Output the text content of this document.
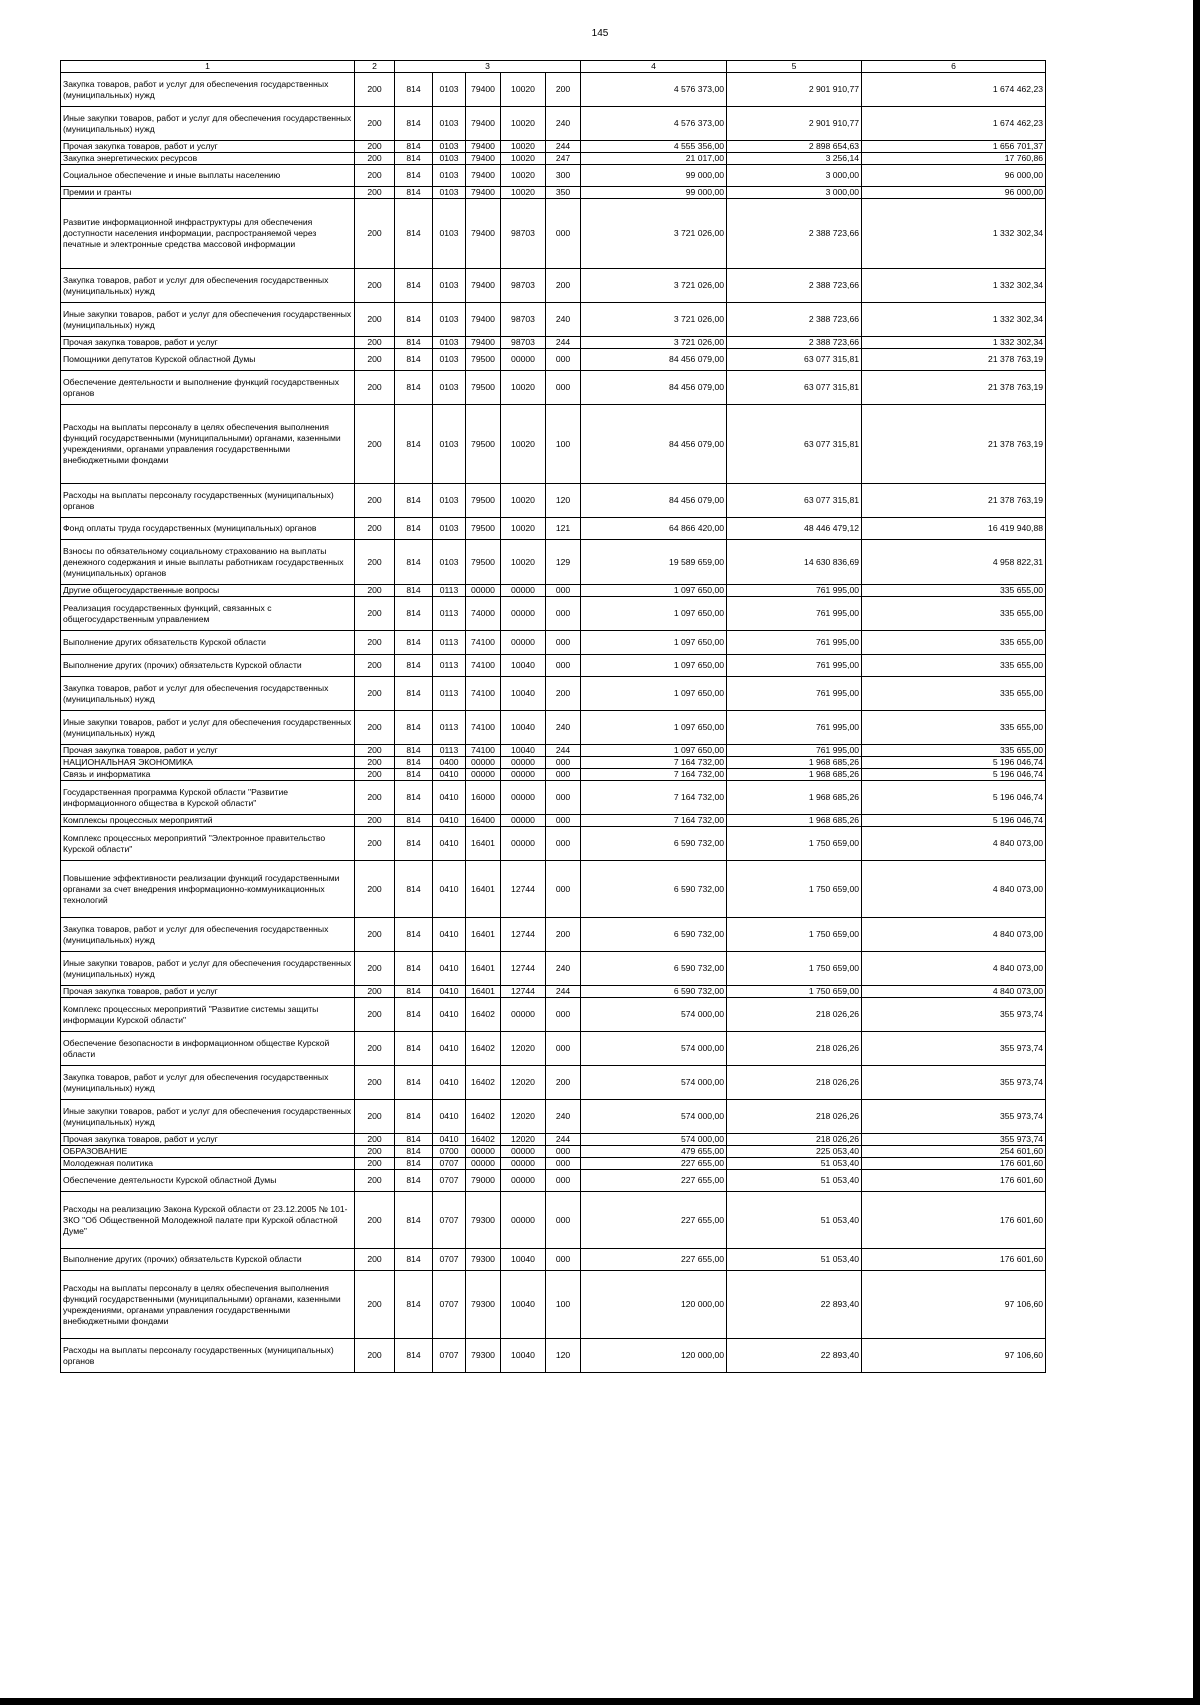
145
1	2	3					4	5	6
Закупка товаров, работ и услуг для обеспечения государственных (муниципальных) нужд	200	814	0103	79400	10020	200	4 576 373,00	2 901 910,77	1 674 462,23
Иные закупки товаров, работ и услуг для обеспечения государственных (муниципальных) нужд	200	814	0103	79400	10020	240	4 576 373,00	2 901 910,77	1 674 462,23
Прочая закупка товаров, работ и услуг	200	814	0103	79400	10020	244	4 555 356,00	2 898 654,63	1 656 701,37
Закупка энергетических ресурсов	200	814	0103	79400	10020	247	21 017,00	3 256,14	17 760,86
Социальное обеспечение и иные выплаты населению	200	814	0103	79400	10020	300	99 000,00	3 000,00	96 000,00
Премии и гранты	200	814	0103	79400	10020	350	99 000,00	3 000,00	96 000,00
Развитие информационной инфраструктуры для обеспечения доступности населения информации, распространяемой через печатные и электронные средства массовой информации	200	814	0103	79400	98703	000	3 721 026,00	2 388 723,66	1 332 302,34
Закупка товаров, работ и услуг для обеспечения государственных (муниципальных) нужд	200	814	0103	79400	98703	200	3 721 026,00	2 388 723,66	1 332 302,34
Иные закупки товаров, работ и услуг для обеспечения государственных (муниципальных) нужд	200	814	0103	79400	98703	240	3 721 026,00	2 388 723,66	1 332 302,34
Прочая закупка товаров, работ и услуг	200	814	0103	79400	98703	244	3 721 026,00	2 388 723,66	1 332 302,34
Помощники депутатов Курской областной Думы	200	814	0103	79500	00000	000	84 456 079,00	63 077 315,81	21 378 763,19
Обеспечение деятельности и выполнение функций государственных органов	200	814	0103	79500	10020	000	84 456 079,00	63 077 315,81	21 378 763,19
Расходы на выплаты персоналу в целях обеспечения выполнения функций государственными (муниципальными) органами, казенными учреждениями, органами управления государственными внебюджетными фондами	200	814	0103	79500	10020	100	84 456 079,00	63 077 315,81	21 378 763,19
Расходы на выплаты персоналу государственных (муниципальных) органов	200	814	0103	79500	10020	120	84 456 079,00	63 077 315,81	21 378 763,19
Фонд оплаты труда государственных (муниципальных) органов	200	814	0103	79500	10020	121	64 866 420,00	48 446 479,12	16 419 940,88
Взносы по обязательному социальному страхованию на выплаты денежного содержания и иные выплаты работникам государственных (муниципальных) органов	200	814	0103	79500	10020	129	19 589 659,00	14 630 836,69	4 958 822,31
Другие общегосударственные вопросы	200	814	0113	00000	00000	000	1 097 650,00	761 995,00	335 655,00
Реализация государственных функций, связанных с общегосударственным управлением	200	814	0113	74000	00000	000	1 097 650,00	761 995,00	335 655,00
Выполнение других обязательств Курской области	200	814	0113	74100	00000	000	1 097 650,00	761 995,00	335 655,00
Выполнение других (прочих) обязательств Курской области	200	814	0113	74100	10040	000	1 097 650,00	761 995,00	335 655,00
Закупка товаров, работ и услуг для обеспечения государственных (муниципальных) нужд	200	814	0113	74100	10040	200	1 097 650,00	761 995,00	335 655,00
Иные закупки товаров, работ и услуг для обеспечения государственных (муниципальных) нужд	200	814	0113	74100	10040	240	1 097 650,00	761 995,00	335 655,00
Прочая закупка товаров, работ и услуг	200	814	0113	74100	10040	244	1 097 650,00	761 995,00	335 655,00
НАЦИОНАЛЬНАЯ ЭКОНОМИКА	200	814	0400	00000	00000	000	7 164 732,00	1 968 685,26	5 196 046,74
Связь и информатика	200	814	0410	00000	00000	000	7 164 732,00	1 968 685,26	5 196 046,74
Государственная программа Курской области "Развитие информационного общества в Курской области"	200	814	0410	16000	00000	000	7 164 732,00	1 968 685,26	5 196 046,74
Комплексы процессных мероприятий	200	814	0410	16400	00000	000	7 164 732,00	1 968 685,26	5 196 046,74
Комплекс процессных мероприятий "Электронное правительство Курской области"	200	814	0410	16401	00000	000	6 590 732,00	1 750 659,00	4 840 073,00
Повышение эффективности реализации функций государственными органами за счет внедрения информационно-коммуникационных технологий	200	814	0410	16401	12744	000	6 590 732,00	1 750 659,00	4 840 073,00
Закупка товаров, работ и услуг для обеспечения государственных (муниципальных) нужд	200	814	0410	16401	12744	200	6 590 732,00	1 750 659,00	4 840 073,00
Иные закупки товаров, работ и услуг для обеспечения государственных (муниципальных) нужд	200	814	0410	16401	12744	240	6 590 732,00	1 750 659,00	4 840 073,00
Прочая закупка товаров, работ и услуг	200	814	0410	16401	12744	244	6 590 732,00	1 750 659,00	4 840 073,00
Комплекс процессных мероприятий "Развитие системы защиты информации Курской области"	200	814	0410	16402	00000	000	574 000,00	218 026,26	355 973,74
Обеспечение безопасности в информационном обществе Курской области	200	814	0410	16402	12020	000	574 000,00	218 026,26	355 973,74
Закупка товаров, работ и услуг для обеспечения государственных (муниципальных) нужд	200	814	0410	16402	12020	200	574 000,00	218 026,26	355 973,74
Иные закупки товаров, работ и услуг для обеспечения государственных (муниципальных) нужд	200	814	0410	16402	12020	240	574 000,00	218 026,26	355 973,74
Прочая закупка товаров, работ и услуг	200	814	0410	16402	12020	244	574 000,00	218 026,26	355 973,74
ОБРАЗОВАНИЕ	200	814	0700	00000	00000	000	479 655,00	225 053,40	254 601,60
Молодежная политика	200	814	0707	00000	00000	000	227 655,00	51 053,40	176 601,60
Обеспечение деятельности Курской областной Думы	200	814	0707	79000	00000	000	227 655,00	51 053,40	176 601,60
Расходы на реализацию Закона Курской области от 23.12.2005 № 101-ЗКО "Об Общественной Молодежной палате при Курской областной Думе"	200	814	0707	79300	00000	000	227 655,00	51 053,40	176 601,60
Выполнение других (прочих) обязательств Курской области	200	814	0707	79300	10040	000	227 655,00	51 053,40	176 601,60
Расходы на выплаты персоналу в целях обеспечения выполнения функций государственными (муниципальными) органами, казенными учреждениями, органами управления государственными внебюджетными фондами	200	814	0707	79300	10040	100	120 000,00	22 893,40	97 106,60
Расходы на выплаты персоналу государственных (муниципальных) органов	200	814	0707	79300	10040	120	120 000,00	22 893,40	97 106,60
